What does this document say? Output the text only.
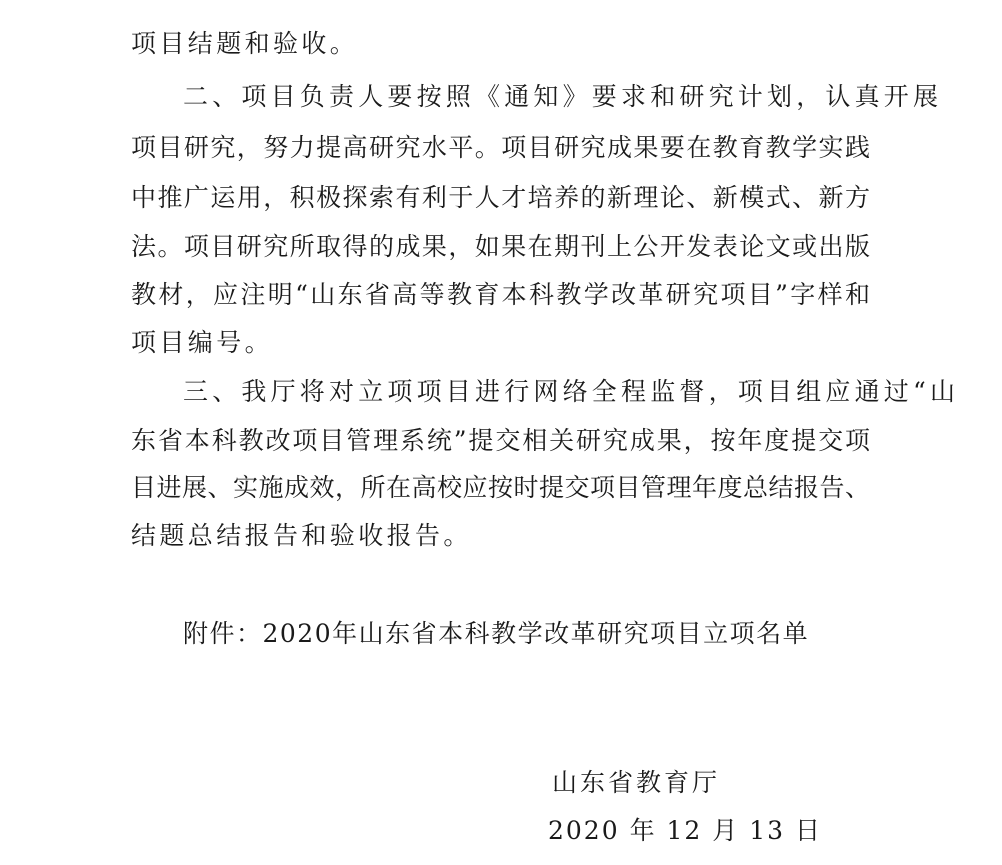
项目结题和验收。
二、项目负责人要按照《通知》要求和研究计划，认真开展
项目研究，努力提高研究水平。项目研究成果要在教育教学实践
中推广运用，积极探索有利于人才培养的新理论、新模式、新方
法。项目研究所取得的成果，如果在期刊上公开发表论文或出版
教材，应注明“山东省高等教育本科教学改革研究项目”字样和
项目编号。
三、我厅将对立项项目进行网络全程监督，项目组应通过“山
东省本科教改项目管理系统”提交相关研究成果，按年度提交项
目进展、实施成效，所在高校应按时提交项目管理年度总结报告、
结题总结报告和验收报告。
附件：2020年山东省本科教学改革研究项目立项名单
山东省教育厅
2020 年 12 月 13 日
